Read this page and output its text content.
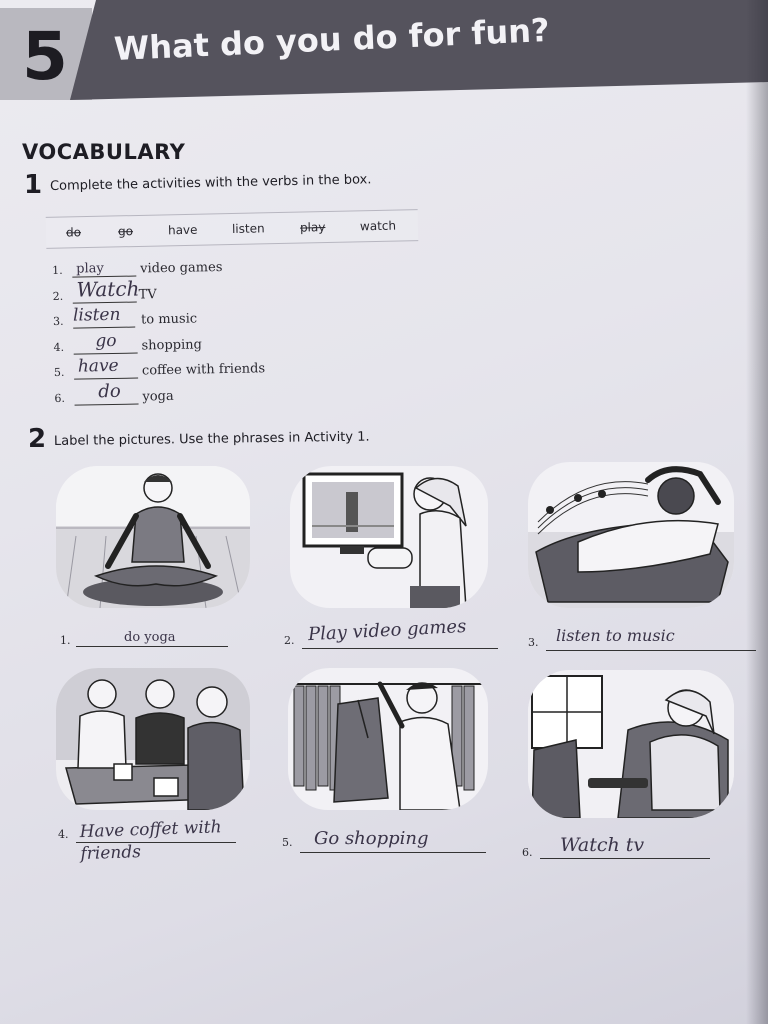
5 What do you do for fun?
VOCABULARY
1 Complete the activities with the verbs in the box.
do	go	have	listen	play	watch
1. play	video games
2. Watch
TV
3. listen to music
4. go shopping
5. have coffee with friends
6. do yoga
2 Label the pictures. Use the phrases in Activity 1.
1.	do yoga	2. Play video games	3. listen to music
4. Have coffet with friends	5. Go shopping
6. Watch tv
